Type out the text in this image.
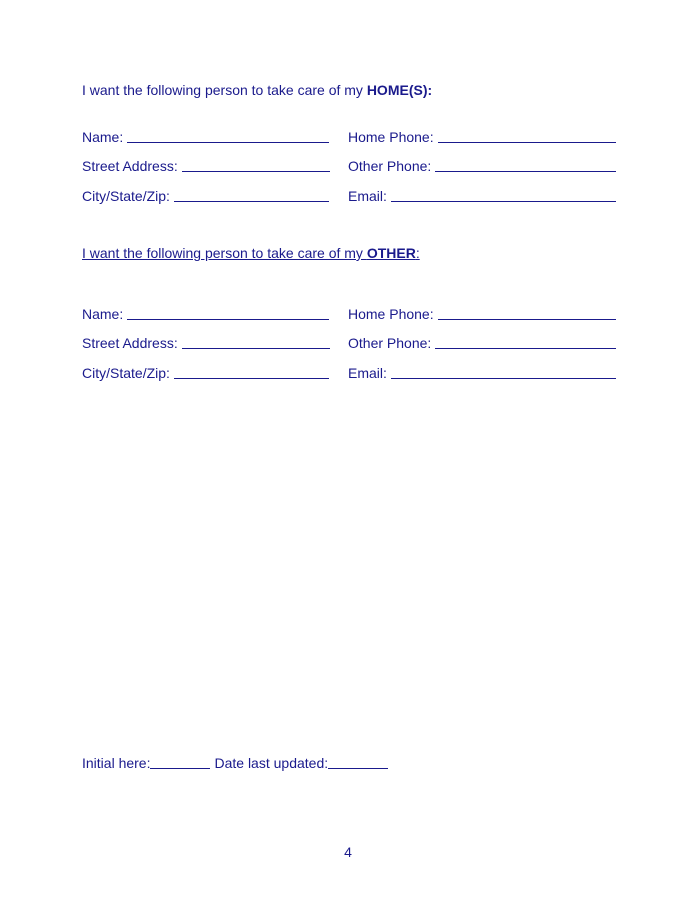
I want the following person to take care of my HOME(S):
Name:	Home Phone:
Street Address:	Other Phone:
City/State/Zip:	Email:
I want the following person to take care of my OTHER:
Name:	Home Phone:
Street Address:	Other Phone:
City/State/Zip:	Email:
Initial here:	Date last updated:
4
